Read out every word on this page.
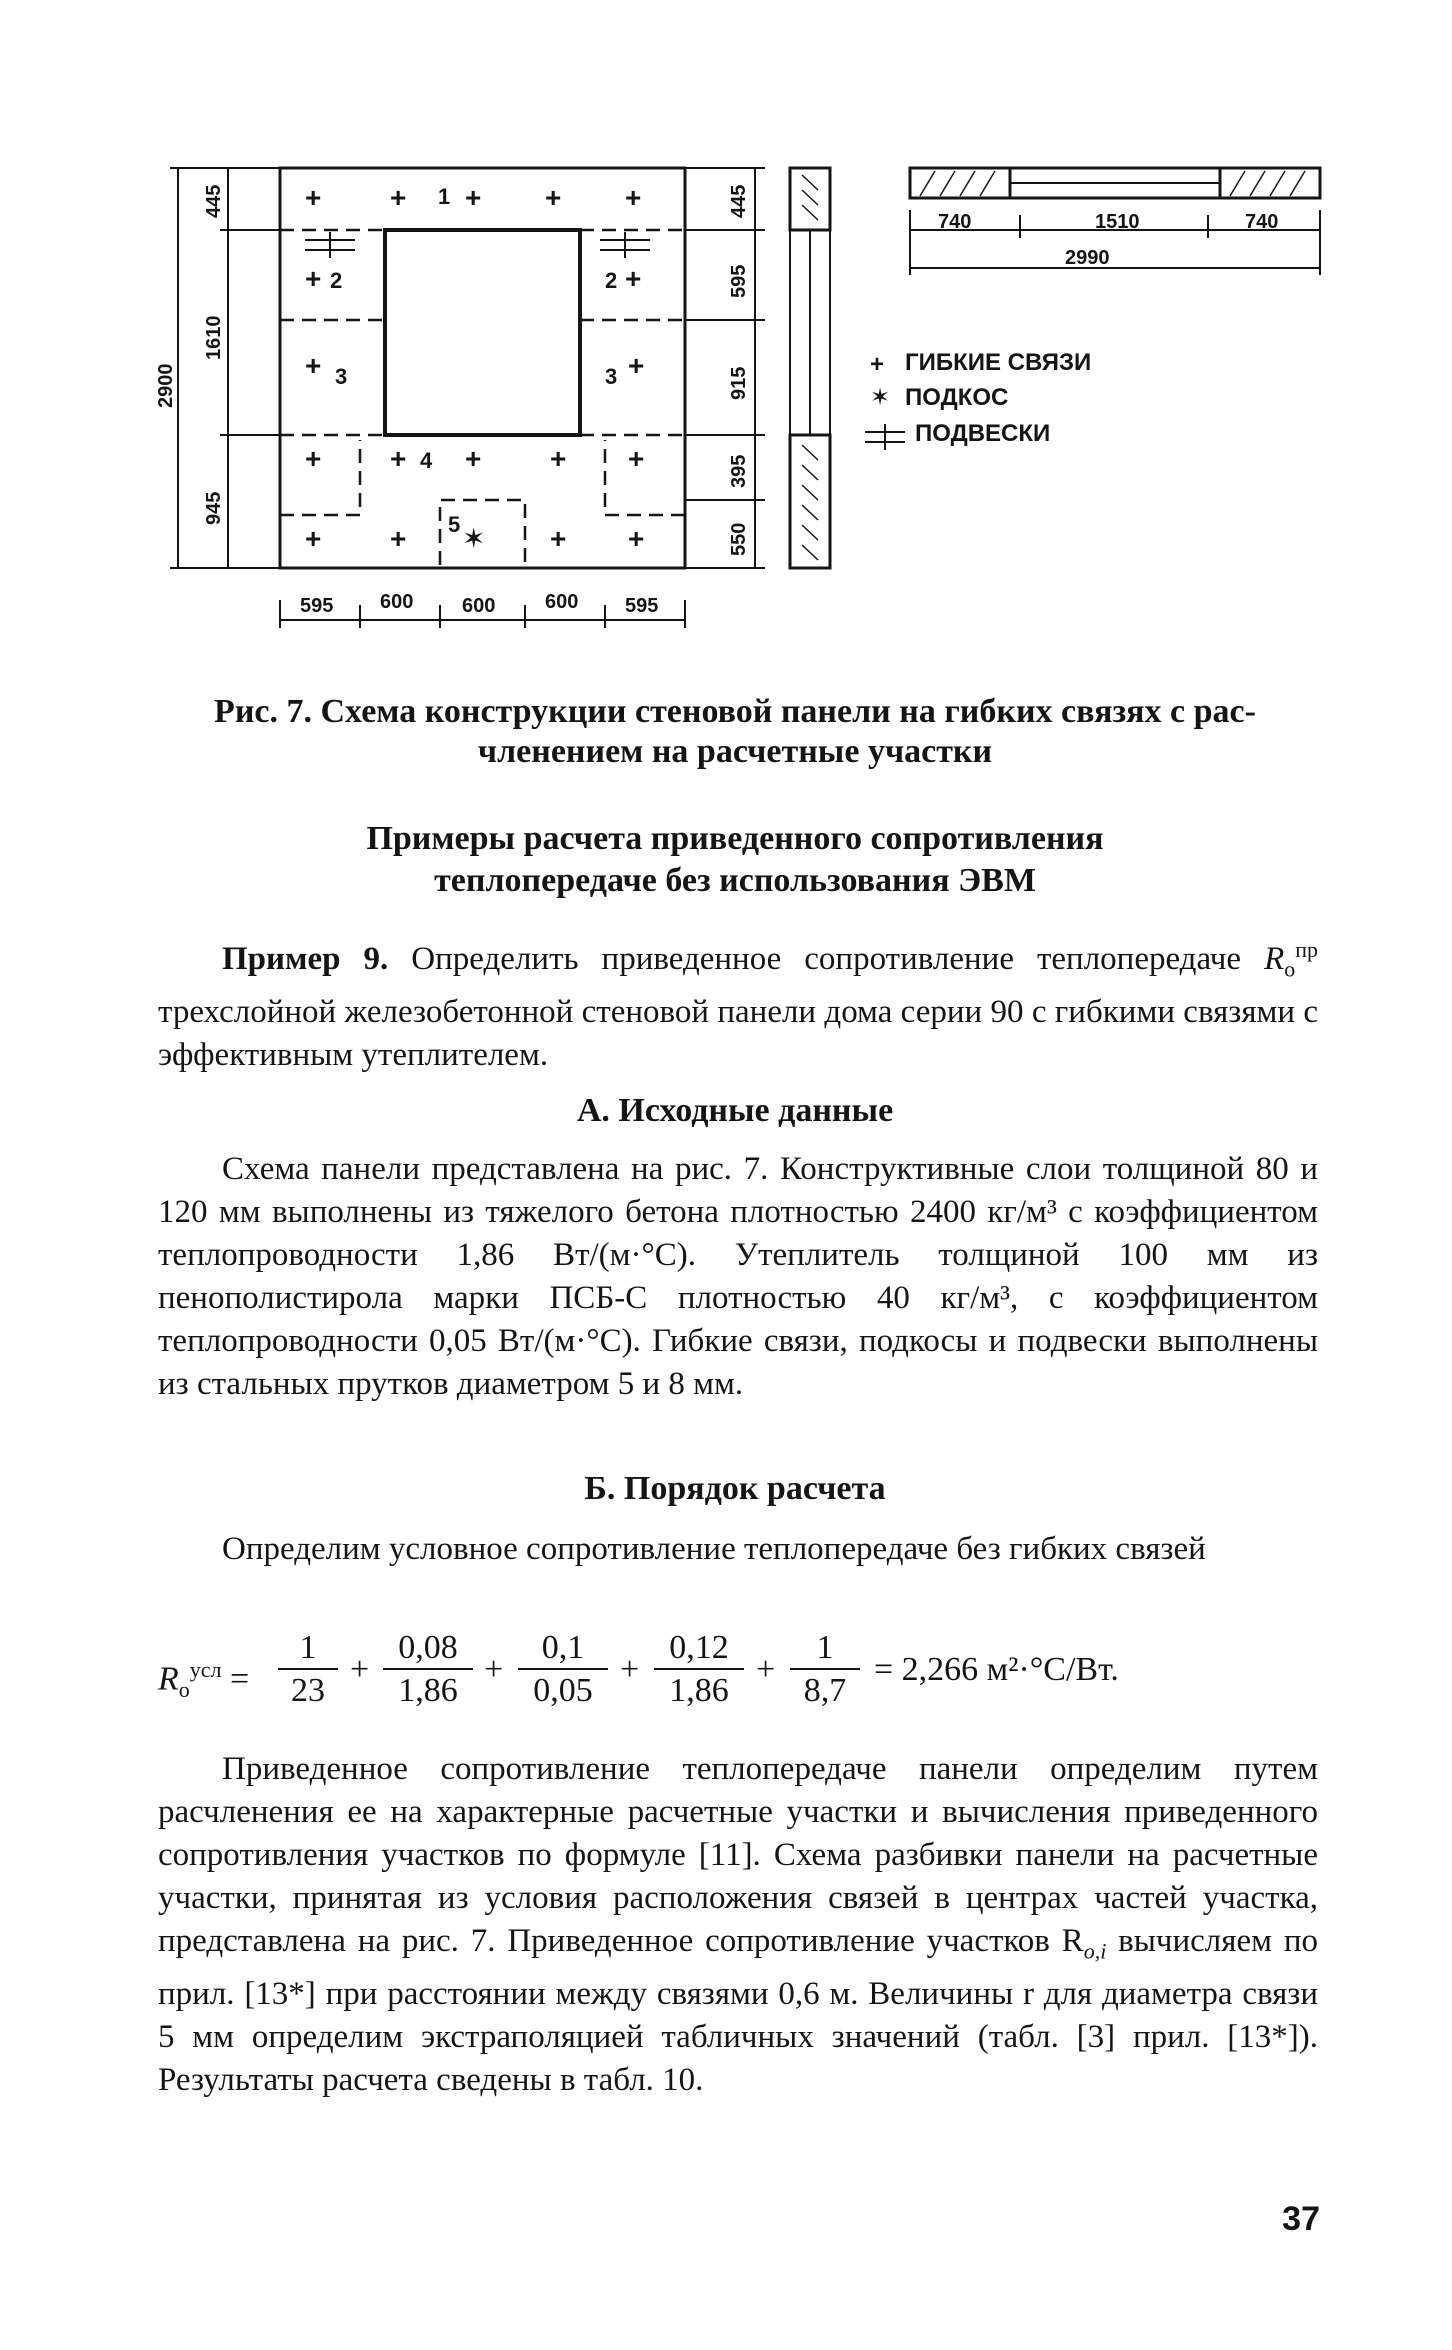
+ + 1 + + +
+ 2	2 +
+ 3	3 +
+ + 4 + + +
+ + 5 ✶ + +
2900
1610
445
945
445
595
915
395
550
595 600 600 600 595
740	1510	740
2990
+ ГИБКИЕ СВЯЗИ
✶ ПОДКОС
ПОДВЕСКИ
Рис. 7. Схема конструкции стеновой панели на гибких связях с рас-
членением на расчетные участки
Примеры расчета приведенного сопротивления
теплопередаче без использования ЭВМ

Пример 9. Определить приведенное сопротивление теплопередаче $R_о^{пр}$ трехслойной железобетонной стеновой панели дома серии 90 с гибкими связями с эффективным утеплителем.

А. Исходные данные

Схема панели представлена на рис. 7. Конструктивные слои толщиной 80 и 120 мм выполнены из тяжелого бетона плотностью 2400 кг/м³ с коэффициентом теплопроводности 1,86 Вт/(м·°С). Утеплитель толщиной 100 мм из пенополистирола марки ПСБ-С плотностью 40 кг/м³, с коэффициентом теплопроводности 0,05 Вт/(м·°С). Гибкие связи, подкосы и подвески выполнены из стальных прутков диаметром 5 и 8 мм.

Б. Порядок расчета

Определим условное сопротивление теплопередаче без гибких связей

$R_о^{усл} = \frac{1}{23} + \frac{0,08}{1,86} + \frac{0,1}{0,05} + \frac{0,12}{1,86} + \frac{1}{8,7} = 2,266$ м²·°С/Вт.

Приведенное сопротивление теплопередаче панели определим путем расчленения ее на характерные расчетные участки и вычисления приведенного сопротивления участков по формуле [11]. Схема разбивки панели на расчетные участки, принятая из условия расположения связей в центрах частей участка, представлена на рис. 7. Приведенное сопротивление участков $R_{о,i}$ вычисляем по прил. [13*] при расстоянии между связями 0,6 м. Величины r для диаметра связи 5 мм определим экстраполяцией табличных значений (табл. [3] прил. [13*]). Результаты расчета сведены в табл. 10.

37
